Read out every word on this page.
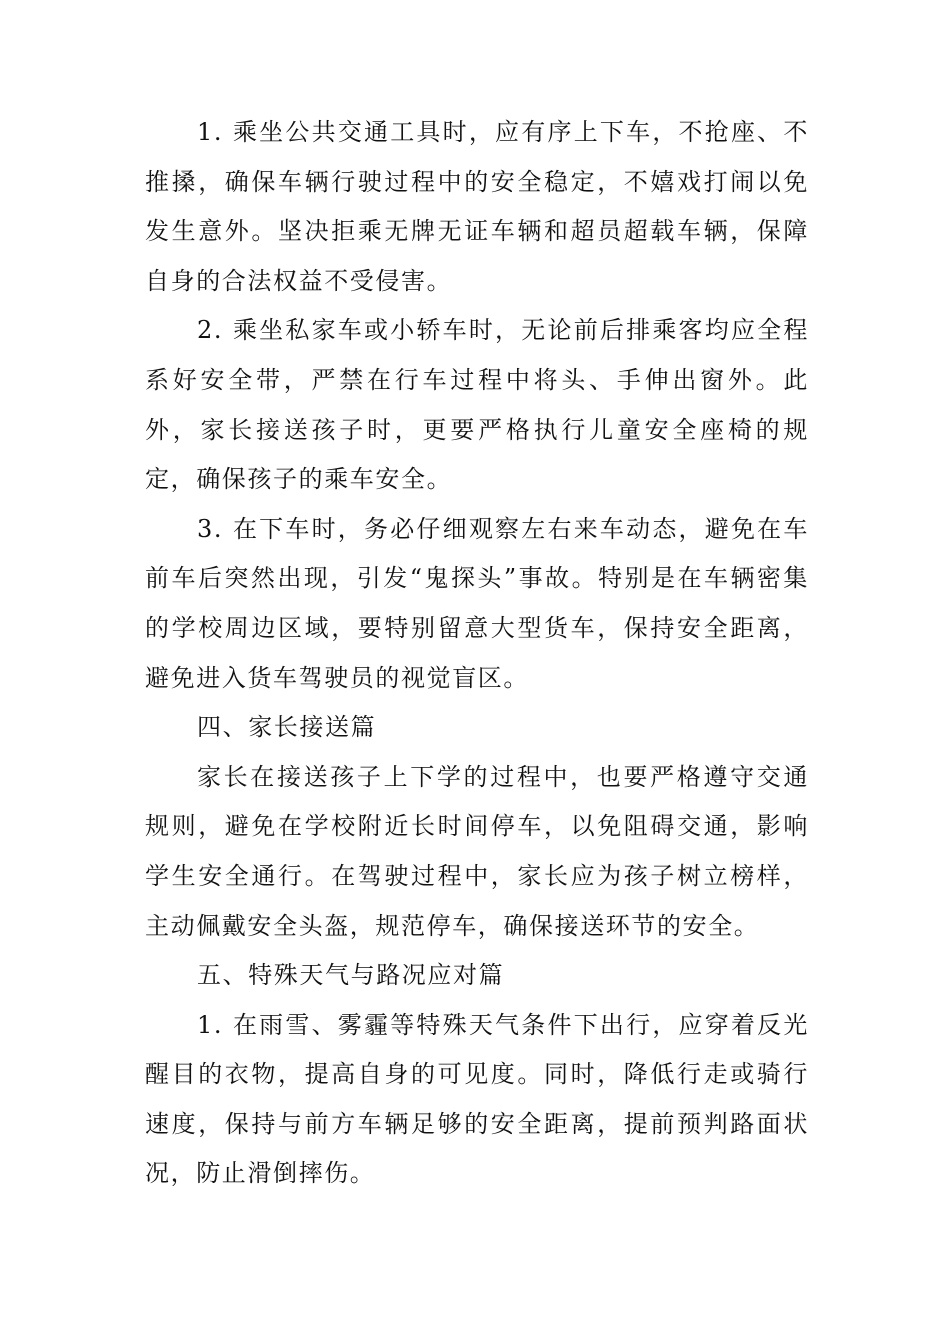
1. 乘坐公共交通工具时，应有序上下车，不抢座、不推搡，确保车辆行驶过程中的安全稳定，不嬉戏打闹以免发生意外。坚决拒乘无牌无证车辆和超员超载车辆，保障自身的合法权益不受侵害。

2. 乘坐私家车或小轿车时，无论前后排乘客均应全程系好安全带，严禁在行车过程中将头、手伸出窗外。此外，家长接送孩子时，更要严格执行儿童安全座椅的规定，确保孩子的乘车安全。

3. 在下车时，务必仔细观察左右来车动态，避免在车前车后突然出现，引发“鬼探头”事故。特别是在车辆密集的学校周边区域，要特别留意大型货车，保持安全距离，避免进入货车驾驶员的视觉盲区。

四、家长接送篇

家长在接送孩子上下学的过程中，也要严格遵守交通规则，避免在学校附近长时间停车，以免阻碍交通，影响学生安全通行。在驾驶过程中，家长应为孩子树立榜样，主动佩戴安全头盔，规范停车，确保接送环节的安全。

五、特殊天气与路况应对篇

1. 在雨雪、雾霾等特殊天气条件下出行，应穿着反光醒目的衣物，提高自身的可见度。同时，降低行走或骑行速度，保持与前方车辆足够的安全距离，提前预判路面状况，防止滑倒摔伤。
